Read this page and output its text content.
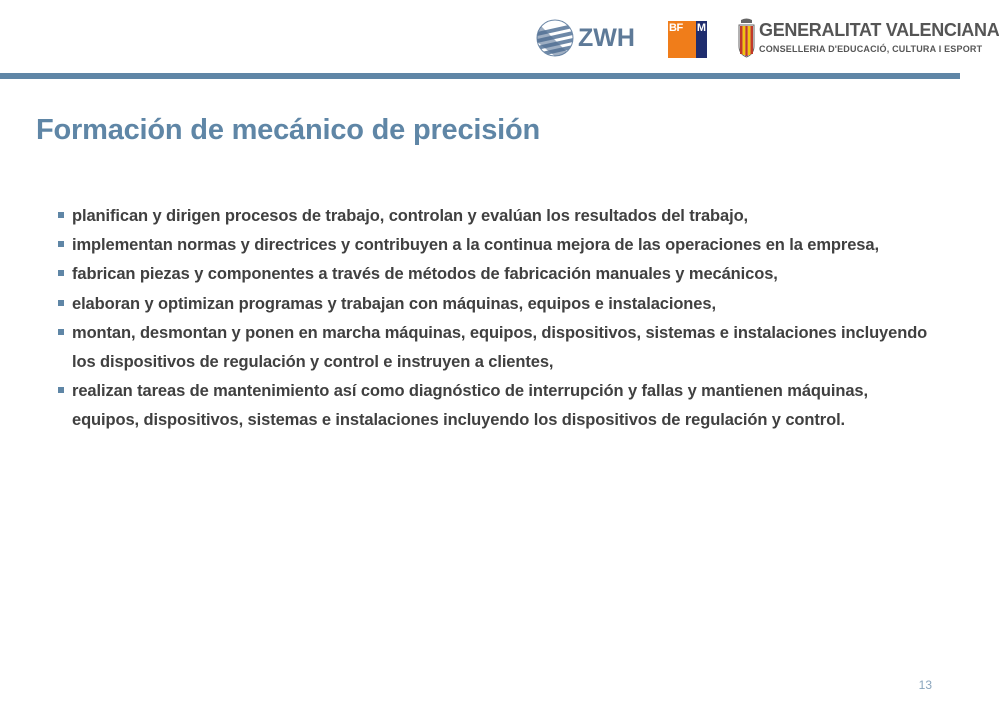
ZWH	BF M	GENERALITAT VALENCIANA
CONSELLERIA D'EDUCACIÓ, CULTURA I ESPORT
Formación de mecánico de precisión
planifican y dirigen procesos de trabajo, controlan y evalúan los resultados del trabajo,
implementan normas y directrices y contribuyen a la continua mejora de las operaciones en la empresa,
fabrican piezas y componentes a través de métodos de fabricación manuales y mecánicos,
elaboran y optimizan programas y trabajan con máquinas, equipos e instalaciones,
montan, desmontan y ponen en marcha máquinas, equipos, dispositivos, sistemas e instalaciones incluyendo los dispositivos de regulación y control e instruyen a clientes,
realizan tareas de mantenimiento así como diagnóstico de interrupción y fallas y mantienen máquinas, equipos, dispositivos, sistemas e instalaciones incluyendo los dispositivos de regulación y control.
13
